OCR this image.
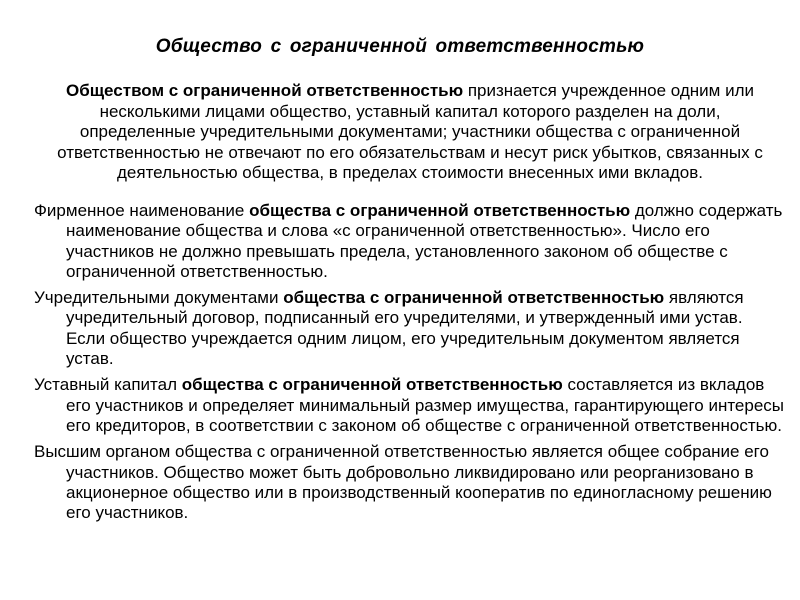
Общество с ограниченной ответственностью
Обществом с ограниченной ответственностью признается учрежденное одним или несколькими лицами общество, уставный капитал которого разделен на доли, определенные учредительными документами; участники общества с ограниченной ответственностью не отвечают по его обязательствам и несут риск убытков, связанных с деятельностью общества, в пределах стоимости внесенных ими вкладов.

Фирменное наименование общества с ограниченной ответственностью должно содержать наименование общества и слова «с ограниченной ответственностью». Число его участников не должно превышать предела, установленного законом об обществе с ограниченной ответственностью.

Учредительными документами общества с ограниченной ответственностью являются учредительный договор, подписанный его учредителями, и утвержденный ими устав. Если общество учреждается одним лицом, его учредительным документом является устав.

Уставный капитал общества с ограниченной ответственностью составляется из вкладов его участников и определяет минимальный размер имущества, гарантирующего интересы его кредиторов, в соответствии с законом об обществе с ограниченной ответственностью.

Высшим органом общества с ограниченной ответственностью является общее собрание его участников. Общество может быть добровольно ликвидировано или реорганизовано в акционерное общество или в производственный кооператив по единогласному решению его участников.
